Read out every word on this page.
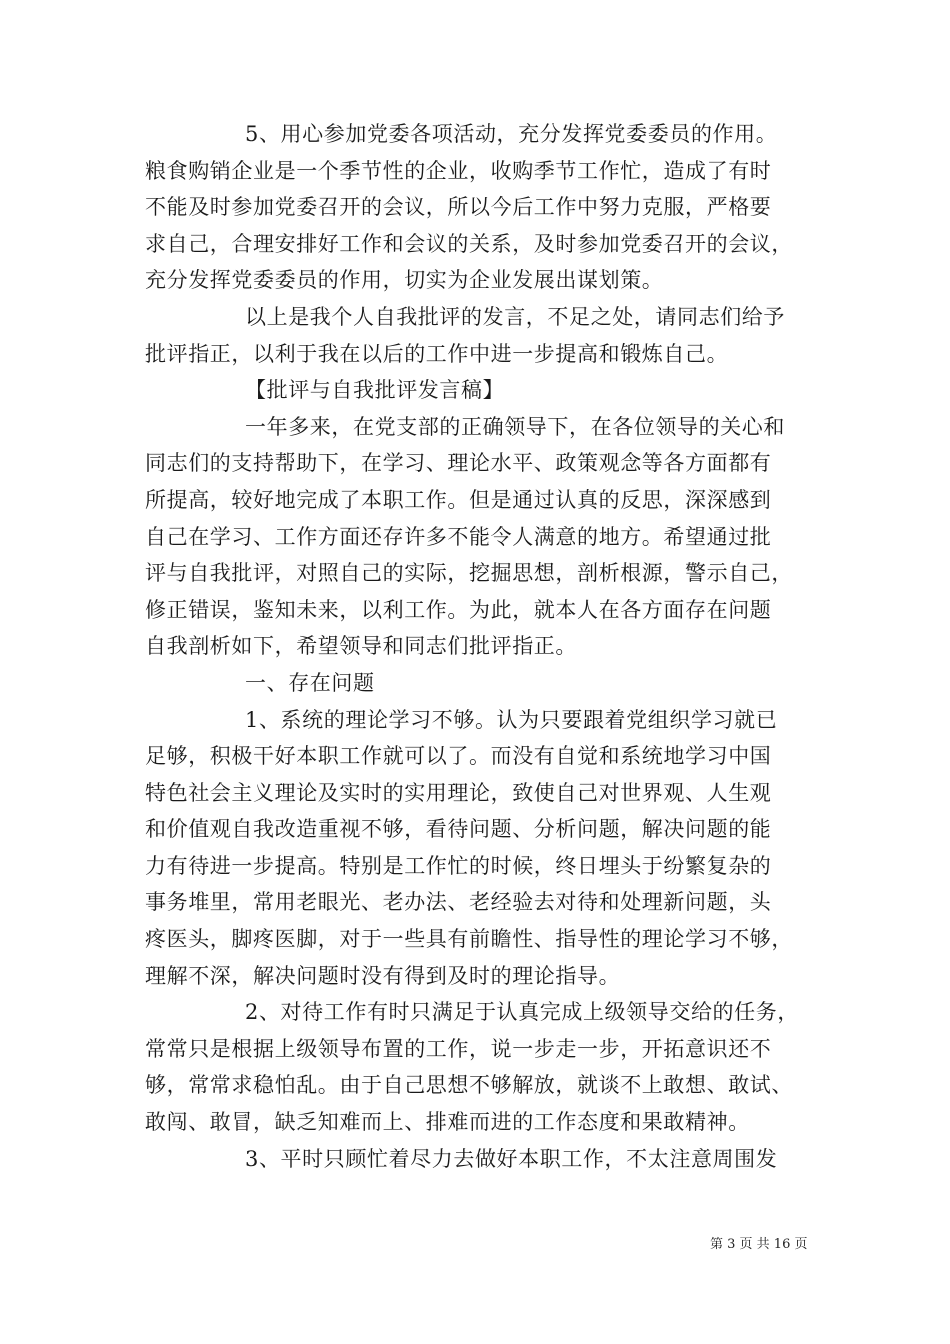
5、用心参加党委各项活动，充分发挥党委委员的作用。
粮食购销企业是一个季节性的企业，收购季节工作忙，造成了有时
不能及时参加党委召开的会议，所以今后工作中努力克服，严格要
求自己，合理安排好工作和会议的关系，及时参加党委召开的会议，
充分发挥党委委员的作用，切实为企业发展出谋划策。
以上是我个人自我批评的发言，不足之处，请同志们给予
批评指正，以利于我在以后的工作中进一步提高和锻炼自己。
【批评与自我批评发言稿】
一年多来，在党支部的正确领导下，在各位领导的关心和
同志们的支持帮助下，在学习、理论水平、政策观念等各方面都有
所提高，较好地完成了本职工作。但是通过认真的反思，深深感到
自己在学习、工作方面还存许多不能令人满意的地方。希望通过批
评与自我批评，对照自己的实际，挖掘思想，剖析根源，警示自己，
修正错误，鉴知未来，以利工作。为此，就本人在各方面存在问题
自我剖析如下，希望领导和同志们批评指正。
一、存在问题
1、系统的理论学习不够。认为只要跟着党组织学习就已
足够，积极干好本职工作就可以了。而没有自觉和系统地学习中国
特色社会主义理论及实时的实用理论，致使自己对世界观、人生观
和价值观自我改造重视不够，看待问题、分析问题，解决问题的能
力有待进一步提高。特别是工作忙的时候，终日埋头于纷繁复杂的
事务堆里，常用老眼光、老办法、老经验去对待和处理新问题，头
疼医头，脚疼医脚，对于一些具有前瞻性、指导性的理论学习不够，
理解不深，解决问题时没有得到及时的理论指导。
2、对待工作有时只满足于认真完成上级领导交给的任务，
常常只是根据上级领导布置的工作，说一步走一步，开拓意识还不
够，常常求稳怕乱。由于自己思想不够解放，就谈不上敢想、敢试、
敢闯、敢冒，缺乏知难而上、排难而进的工作态度和果敢精神。
3、平时只顾忙着尽力去做好本职工作，不太注意周围发
第 3 页 共 16 页
